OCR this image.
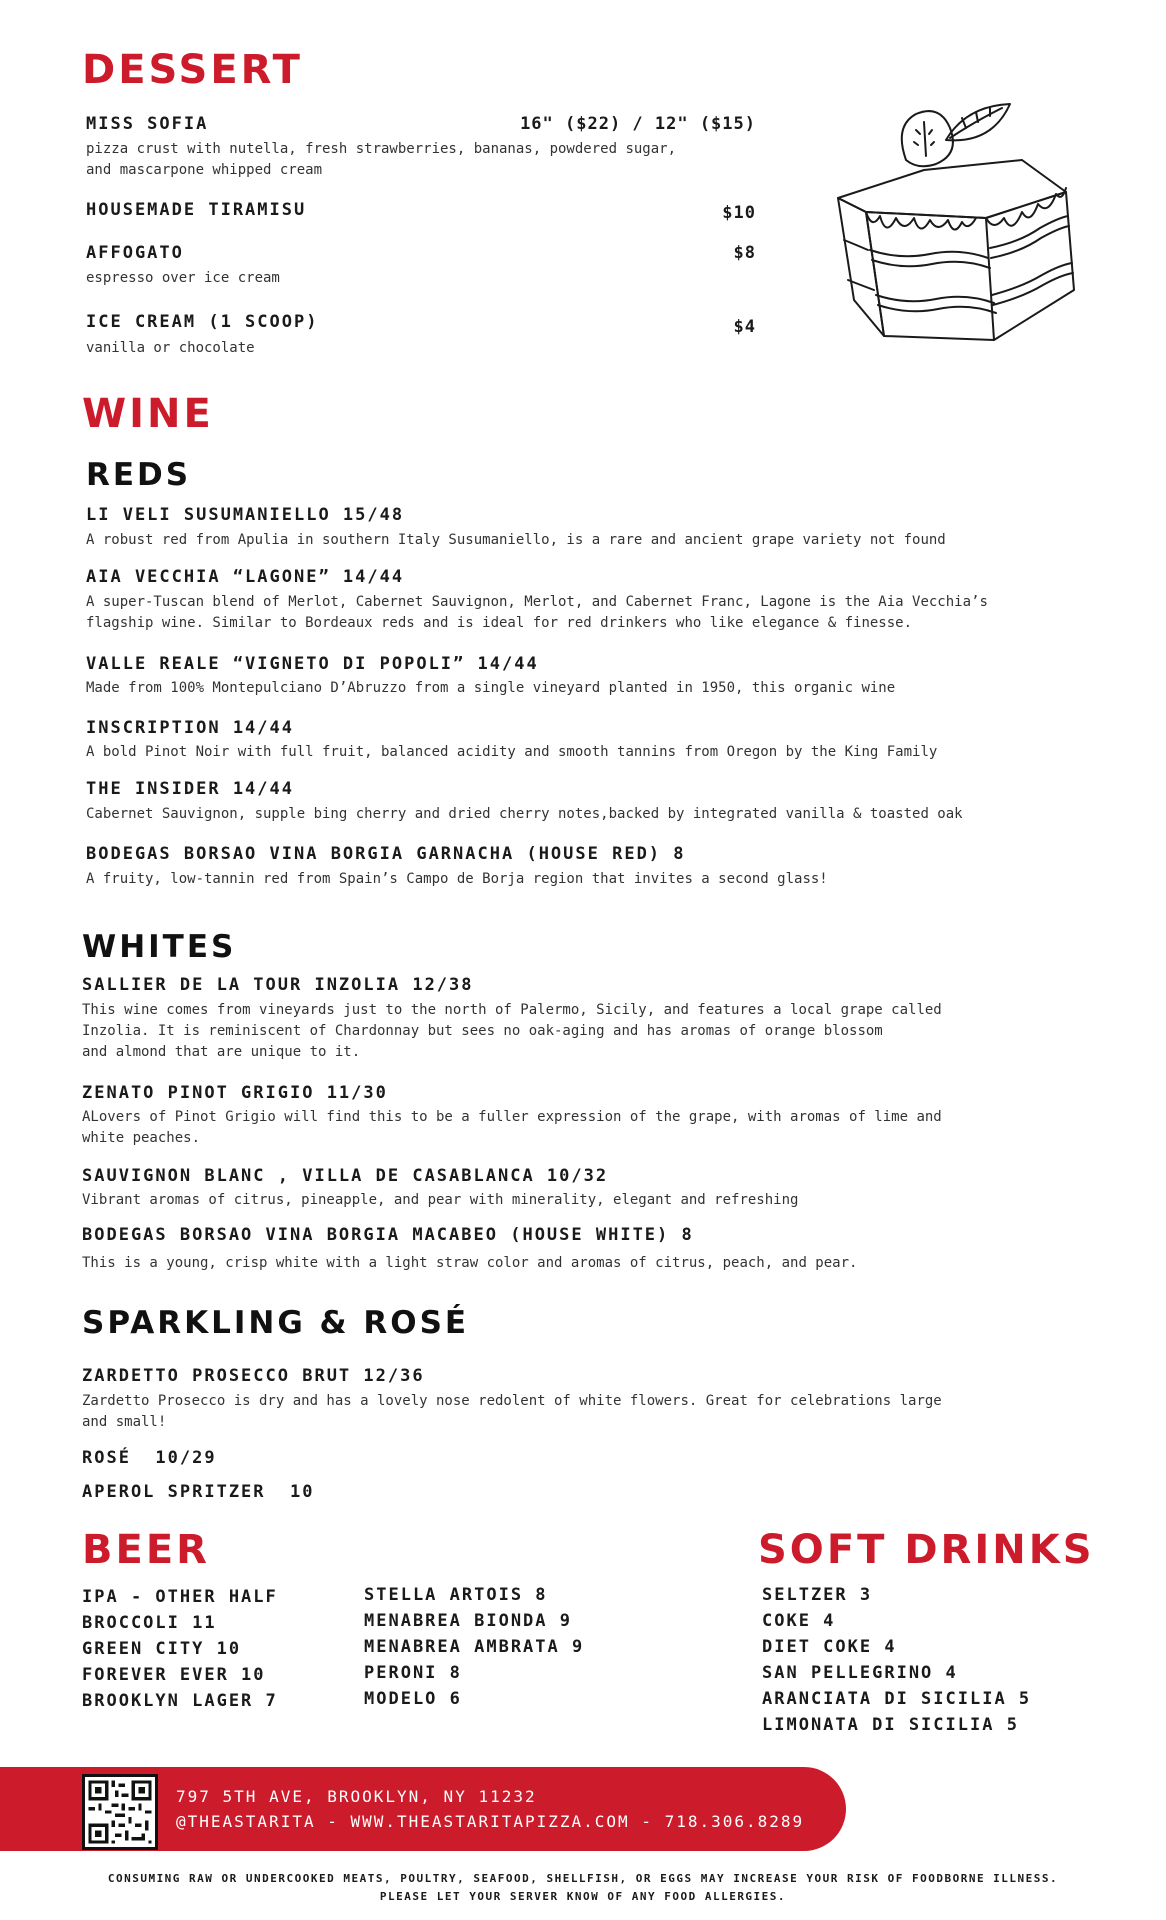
DESSERT
MISS SOFIA	16" ($22) / 12" ($15)
pizza crust with nutella, fresh strawberries, bananas, powdered sugar,
and mascarpone whipped cream
HOUSEMADE TIRAMISU	$10
AFFOGATO	$8
espresso over ice cream
ICE CREAM (1 SCOOP)	$4
vanilla or chocolate
WINE
REDS
LI VELI SUSUMANIELLO 15/48
A robust red from Apulia in southern Italy Susumaniello, is a rare and ancient grape variety not found
AIA VECCHIA “LAGONE” 14/44
A super-Tuscan blend of Merlot, Cabernet Sauvignon, Merlot, and Cabernet Franc, Lagone is the Aia Vecchia’s
flagship wine. Similar to Bordeaux reds and is ideal for red drinkers who like elegance & finesse.
VALLE REALE “VIGNETO DI POPOLI” 14/44
Made from 100% Montepulciano D’Abruzzo from a single vineyard planted in 1950, this organic wine
INSCRIPTION 14/44
A bold Pinot Noir with full fruit, balanced acidity and smooth tannins from Oregon by the King Family
THE INSIDER 14/44
Cabernet Sauvignon, supple bing cherry and dried cherry notes,backed by integrated vanilla & toasted oak
BODEGAS BORSAO VINA BORGIA GARNACHA (HOUSE RED) 8
A fruity, low-tannin red from Spain’s Campo de Borja region that invites a second glass!
WHITES
SALLIER DE LA TOUR INZOLIA 12/38
This wine comes from vineyards just to the north of Palermo, Sicily, and features a local grape called
Inzolia. It is reminiscent of Chardonnay but sees no oak-aging and has aromas of orange blossom
and almond that are unique to it.
ZENATO PINOT GRIGIO 11/30
ALovers of Pinot Grigio will find this to be a fuller expression of the grape, with aromas of lime and
white peaches.
SAUVIGNON BLANC , VILLA DE CASABLANCA 10/32
Vibrant aromas of citrus, pineapple, and pear with minerality, elegant and refreshing
BODEGAS BORSAO VINA BORGIA MACABEO (HOUSE WHITE) 8
This is a young, crisp white with a light straw color and aromas of citrus, peach, and pear.
SPARKLING & ROSÉ
ZARDETTO PROSECCO BRUT 12/36
Zardetto Prosecco is dry and has a lovely nose redolent of white flowers. Great for celebrations large
and small!
ROSÉ  10/29
APEROL SPRITZER  10
BEER
IPA - OTHER HALF
BROCCOLI 11
GREEN CITY 10
FOREVER EVER 10
BROOKLYN LAGER 7
STELLA ARTOIS 8
MENABREA BIONDA 9
MENABREA AMBRATA 9
PERONI 8
MODELO 6
SOFT DRINKS
SELTZER 3
COKE 4
DIET COKE 4
SAN PELLEGRINO 4
ARANCIATA DI SICILIA 5
LIMONATA DI SICILIA 5
797 5TH AVE, BROOKLYN, NY 11232
@THEASTARITA - WWW.THEASTARITAPIZZA.COM - 718.306.8289
CONSUMING RAW OR UNDERCOOKED MEATS, POULTRY, SEAFOOD, SHELLFISH, OR EGGS MAY INCREASE YOUR RISK OF FOODBORNE ILLNESS.
PLEASE LET YOUR SERVER KNOW OF ANY FOOD ALLERGIES.
